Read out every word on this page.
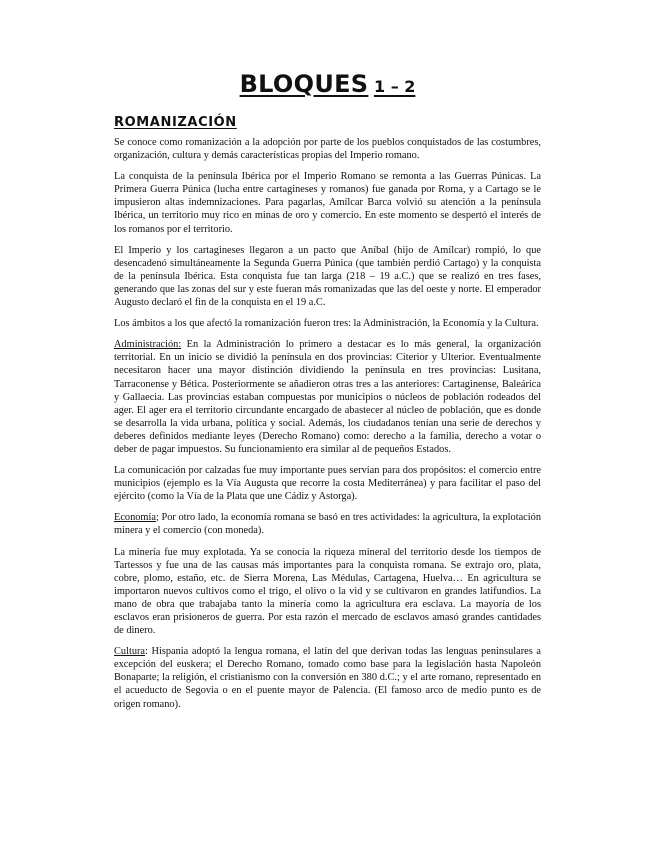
BLOQUES 1 – 2
ROMANIZACIÓN

Se conoce como romanización a la adopción por parte de los pueblos conquistados de las costumbres, organización, cultura y demás características propias del Imperio romano.

La conquista de la península Ibérica por el Imperio Romano se remonta a las Guerras Púnicas. La Primera Guerra Púnica (lucha entre cartagineses y romanos) fue ganada por Roma, y a Cartago se le impusieron altas indemnizaciones. Para pagarlas, Amílcar Barca volvió su atención a la península Ibérica, un territorio muy rico en minas de oro y comercio. En este momento se despertó el interés de los romanos por el territorio.

El Imperio y los cartagineses llegaron a un pacto que Aníbal (hijo de Amílcar) rompió, lo que desencadenó simultáneamente la Segunda Guerra Púnica (que también perdió Cartago) y la conquista de la península Ibérica. Esta conquista fue tan larga (218 – 19 a.C.) que se realizó en tres fases, generando que las zonas del sur y este fueran más romanizadas que las del oeste y norte. El emperador Augusto declaró el fin de la conquista en el 19 a.C.

Los ámbitos a los que afectó la romanización fueron tres: la Administración, la Economía y la Cultura.

Administración: En la Administración lo primero a destacar es lo más general, la organización territorial. En un inicio se dividió la península en dos provincias: Citerior y Ulterior. Eventualmente necesitaron hacer una mayor distinción dividiendo la península en tres provincias: Lusitana, Tarraconense y Bética. Posteriormente se añadieron otras tres a las anteriores: Cartaginense, Baleárica y Gallaecia. Las provincias estaban compuestas por municipios o núcleos de población rodeados del ager. El ager era el territorio circundante encargado de abastecer al núcleo de población, que es donde se desarrolla la vida urbana, política y social. Además, los ciudadanos tenían una serie de derechos y deberes definidos mediante leyes (Derecho Romano) como: derecho a la familia, derecho a votar o deber de pagar impuestos. Su funcionamiento era similar al de pequeños Estados.

La comunicación por calzadas fue muy importante pues servían para dos propósitos: el comercio entre municipios (ejemplo es la Vía Augusta que recorre la costa Mediterránea) y para facilitar el paso del ejército (como la Vía de la Plata que une Cádiz y Astorga).

Economía; Por otro lado, la economía romana se basó en tres actividades: la agricultura, la explotación minera y el comercio (con moneda).

La minería fue muy explotada. Ya se conocía la riqueza mineral del territorio desde los tiempos de Tartessos y fue una de las causas más importantes para la conquista romana. Se extrajo oro, plata, cobre, plomo, estaño, etc. de Sierra Morena, Las Médulas, Cartagena, Huelva… En agricultura se importaron nuevos cultivos como el trigo, el olivo o la vid y se cultivaron en grandes latifundios. La mano de obra que trabajaba tanto la minería como la agricultura era esclava. La mayoría de los esclavos eran prisioneros de guerra. Por esta razón el mercado de esclavos amasó grandes cantidades de dinero.

Cultura: Hispania adoptó la lengua romana, el latín del que derivan todas las lenguas peninsulares a excepción del euskera; el Derecho Romano, tomado como base para la legislación hasta Napoleón Bonaparte; la religión, el cristianismo con la conversión en 380 d.C.; y el arte romano, representado en el acueducto de Segovia o en el puente mayor de Palencia. (El famoso arco de medio punto es de origen romano).
